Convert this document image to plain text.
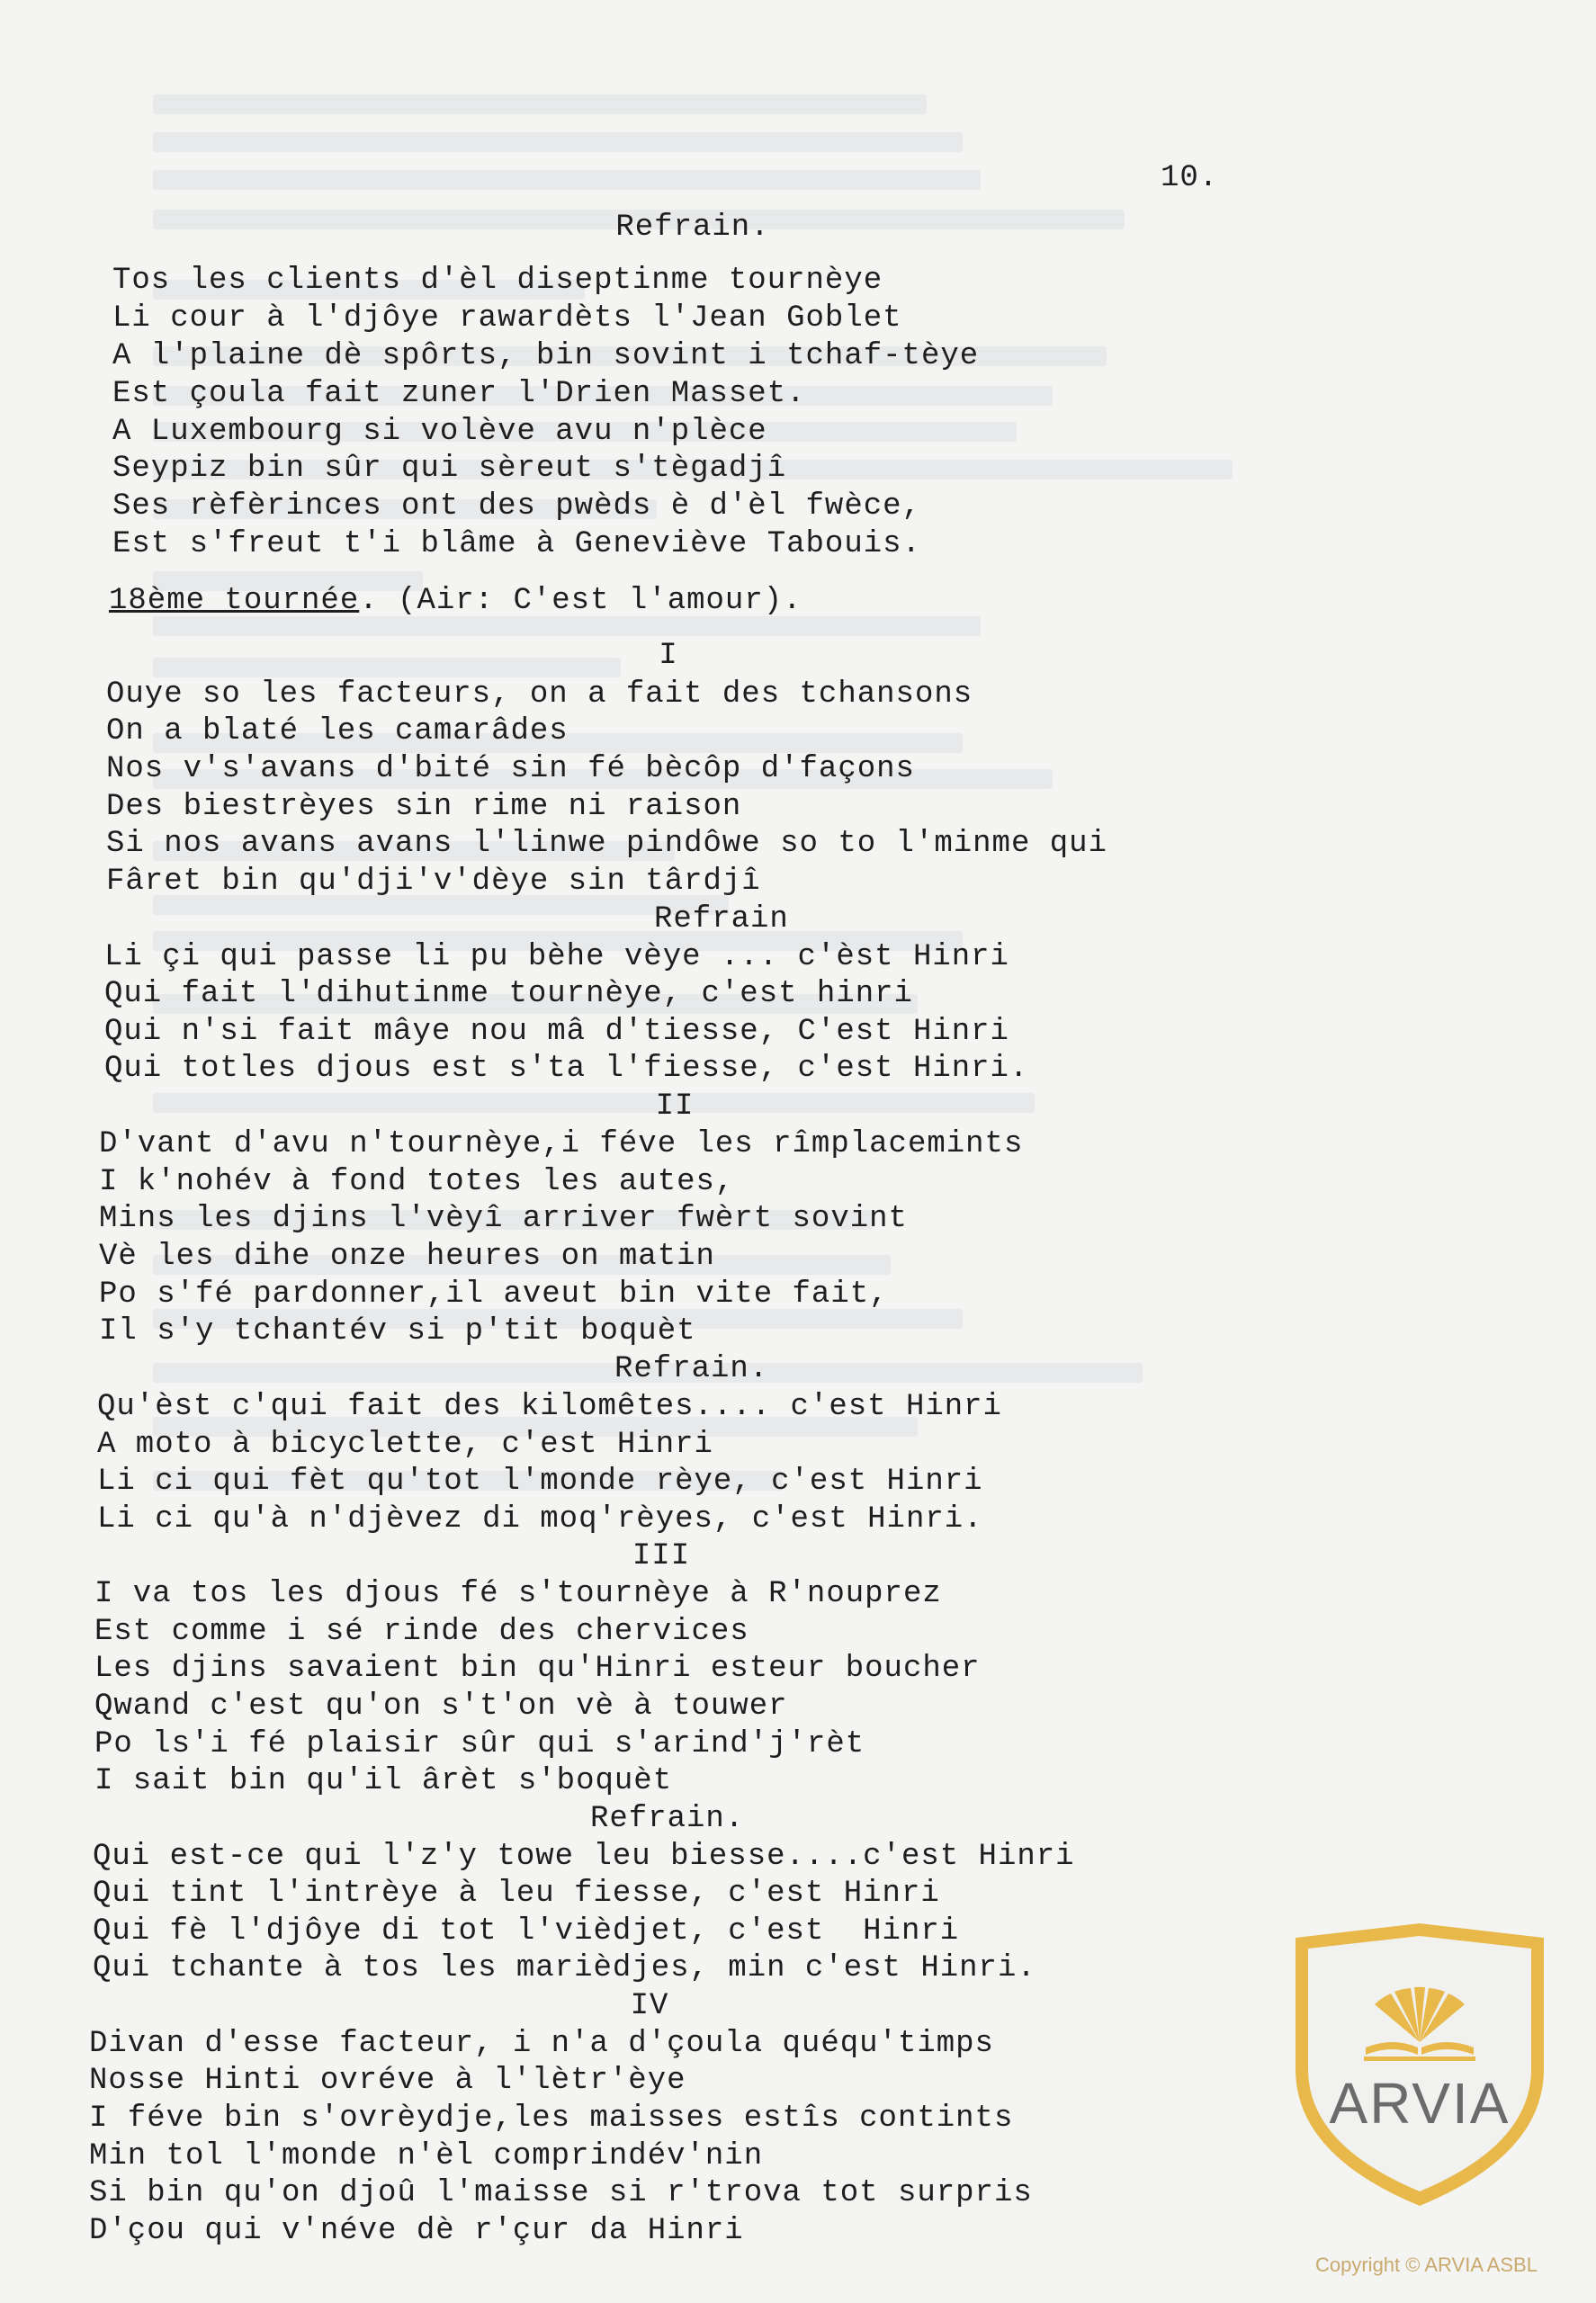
10.
Refrain.
Tos les clients d'èl diseptinme tournèye
Li cour à l'djôye rawardèts l'Jean Goblet
A l'plaine dè spôrts, bin sovint i tchaf-tèye
Est çoula fait zuner l'Drien Masset.
A Luxembourg si volève avu n'plèce
Seypiz bin sûr qui sèreut s'tègadjî
Ses rèfèrinces ont des pwèds è d'èl fwèce,
Est s'freut t'i blâme à Geneviève Tabouis.
18ème tournée. (Air: C'est l'amour).
I
Ouye so les facteurs, on a fait des tchansons
On a blaté les camarâdes
Nos v's'avans d'bité sin fé bècôp d'façons
Des biestrèyes sin rime ni raison
Si nos avans avans l'linwe pindôwe so to l'minme qui
Fâret bin qu'dji'v'dèye sin târdjî
Refrain
Li çi qui passe li pu bèhe vèye ... c'èst Hinri
Qui fait l'dihutinme tournèye, c'est hinri
Qui n'si fait mâye nou mâ d'tiesse, C'est Hinri
Qui totles djous est s'ta l'fiesse, c'est Hinri.
II
D'vant d'avu n'tournèye,i féve les rîmplacemints
I k'nohév à fond totes les autes,
Mins les djins l'vèyî arriver fwèrt sovint
Vè les dihe onze heures on matin
Po s'fé pardonner,il aveut bin vite fait,
Il s'y tchantév si p'tit boquèt
Refrain.
Qu'èst c'qui fait des kilomêtes.... c'est Hinri
A moto à bicyclette, c'est Hinri
Li ci qui fèt qu'tot l'monde rèye, c'est Hinri
Li ci qu'à n'djèvez di moq'rèyes, c'est Hinri.
III
I va tos les djous fé s'tournèye à R'nouprez
Est comme i sé rinde des chervices
Les djins savaient bin qu'Hinri esteur boucher
Qwand c'est qu'on s't'on vè à touwer
Po ls'i fé plaisir sûr qui s'arind'j'rèt
I sait bin qu'il ârèt s'boquèt
Refrain.
Qui est-ce qui l'z'y towe leu biesse....c'est Hinri
Qui tint l'intrèye à leu fiesse, c'est Hinri
Qui fè l'djôye di tot l'vièdjet, c'est  Hinri
Qui tchante à tos les marièdjes, min c'est Hinri.
IV
Divan d'esse facteur, i n'a d'çoula quéqu'timps
Nosse Hinti ovréve à l'lètr'èye
I féve bin s'ovrèydje,les maisses estîs contints
Min tol l'monde n'èl comprindév'nin
Si bin qu'on djoû l'maisse si r'trova tot surpris
D'çou qui v'néve dè r'çur da Hinri
ARVIA
Copyright © ARVIA ASBL
